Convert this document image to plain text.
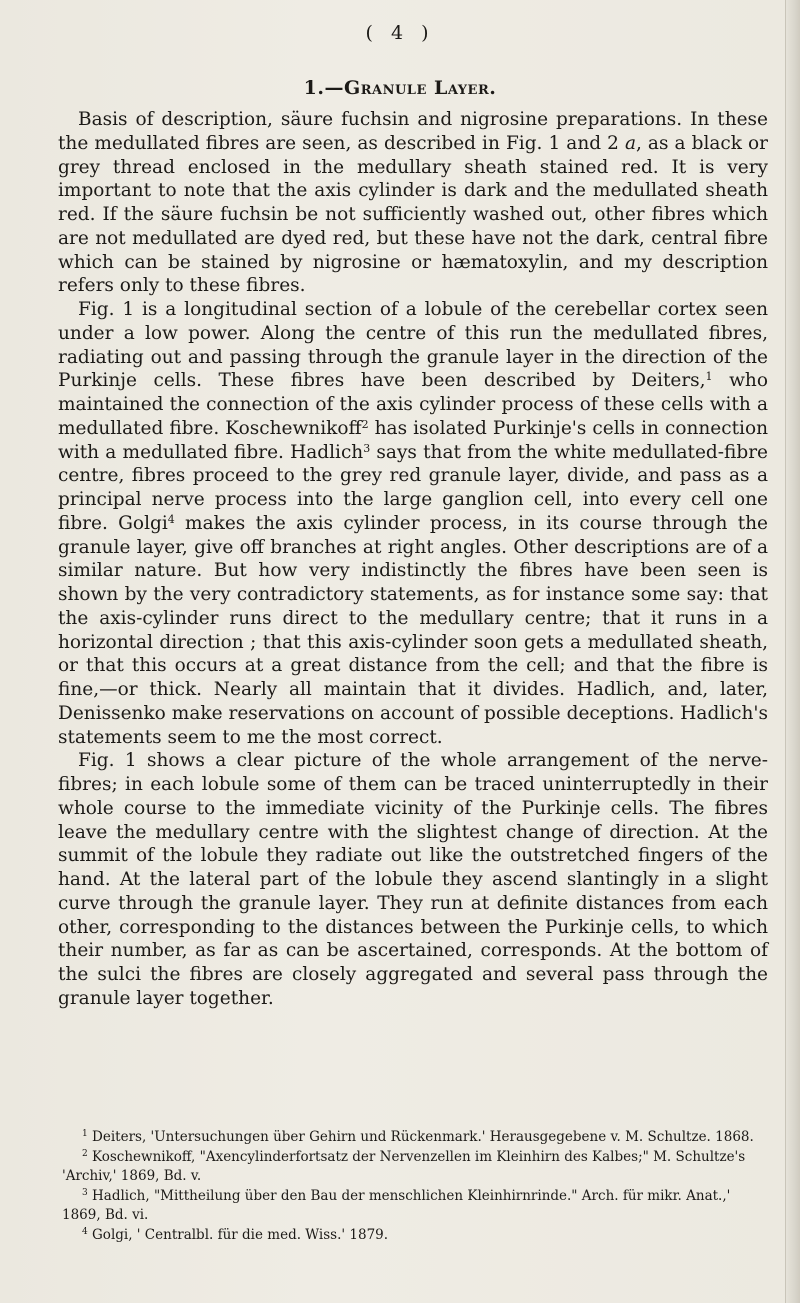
( 4 )
1.—Granule Layer.

Basis of description, säure fuchsin and nigrosine preparations. In these the medullated fibres are seen, as described in Fig. 1 and 2 a, as a black or grey thread enclosed in the medullary sheath stained red. It is very important to note that the axis cylinder is dark and the medullated sheath red. If the säure fuchsin be not sufficiently washed out, other fibres which are not medullated are dyed red, but these have not the dark, central fibre which can be stained by nigrosine or hæmatoxylin, and my description refers only to these fibres.

Fig. 1 is a longitudinal section of a lobule of the cerebellar cortex seen under a low power. Along the centre of this run the medullated fibres, radiating out and passing through the granule layer in the direction of the Purkinje cells. These fibres have been described by Deiters,$^1$ who maintained the connection of the axis cylinder process of these cells with a medullated fibre. Koschewnikoff$^2$ has isolated Purkinje's cells in connection with a medullated fibre. Hadlich$^3$ says that from the white medullated-fibre centre, fibres proceed to the grey red granule layer, divide, and pass as a principal nerve process into the large ganglion cell, into every cell one fibre. Golgi$^4$ makes the axis cylinder process, in its course through the granule layer, give off branches at right angles. Other descriptions are of a similar nature. But how very indistinctly the fibres have been seen is shown by the very contradictory statements, as for instance some say: that the axis-cylinder runs direct to the medullary centre; that it runs in a horizontal direction ; that this axis-cylinder soon gets a medullated sheath, or that this occurs at a great distance from the cell; and that the fibre is fine,—or thick. Nearly all maintain that it divides. Hadlich, and, later, Denissenko make reservations on account of possible deceptions. Hadlich's statements seem to me the most correct.

Fig. 1 shows a clear picture of the whole arrangement of the nerve-fibres; in each lobule some of them can be traced uninterruptedly in their whole course to the immediate vicinity of the Purkinje cells. The fibres leave the medullary centre with the slightest change of direction. At the summit of the lobule they radiate out like the outstretched fingers of the hand. At the lateral part of the lobule they ascend slantingly in a slight curve through the granule layer. They run at definite distances from each other, corresponding to the distances between the Purkinje cells, to which their number, as far as can be ascertained, corresponds. At the bottom of the sulci the fibres are closely aggregated and several pass through the granule layer together.

$^1$ Deiters, 'Untersuchungen über Gehirn und Rückenmark.' Herausgegebene v. M. Schultze. 1868.

$^2$ Koschewnikoff, "Axencylinderfortsatz der Nervenzellen im Kleinhirn des Kalbes;" M. Schultze's 'Archiv,' 1869, Bd. v.

$^3$ Hadlich, "Mittheilung über den Bau der menschlichen Kleinhirnrinde." Arch. für mikr. Anat.,' 1869, Bd. vi.

$^4$ Golgi, ' Centralbl. für die med. Wiss.' 1879.
